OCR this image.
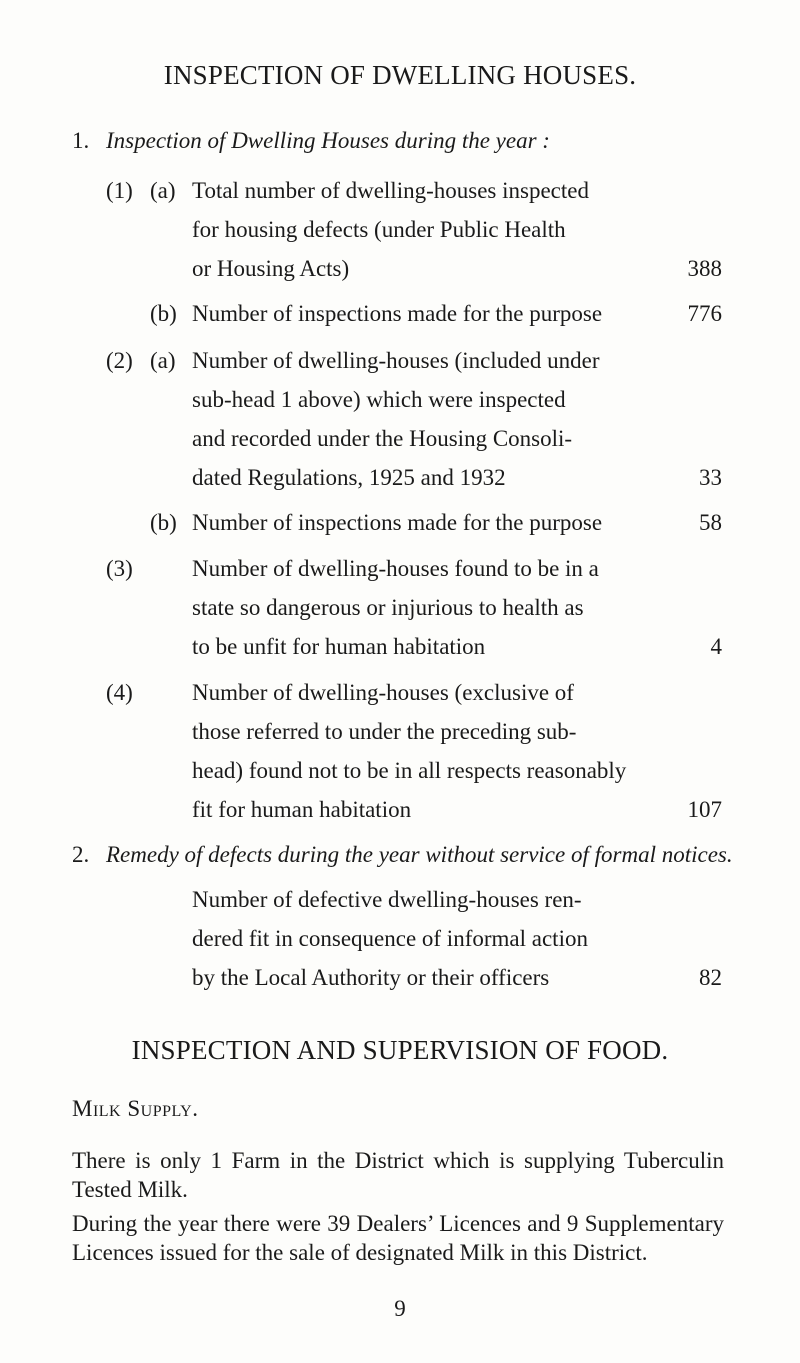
INSPECTION OF DWELLING HOUSES.
1. Inspection of Dwelling Houses during the year :
(1) (a) Total number of dwelling-houses inspected
for housing defects (under Public Health
or Housing Acts)	388
(b) Number of inspections made for the purpose	776
(2) (a) Number of dwelling-houses (included under
sub-head 1 above) which were inspected
and recorded under the Housing Consoli-
dated Regulations, 1925 and 1932	33
(b) Number of inspections made for the purpose	58
(3)	Number of dwelling-houses found to be in a
state so dangerous or injurious to health as
to be unfit for human habitation	4
(4)	Number of dwelling-houses (exclusive of
those referred to under the preceding sub-
head) found not to be in all respects reasonably
fit for human habitation	107
2. Remedy of defects during the year without service of formal notices.
Number of defective dwelling-houses ren-
dered fit in consequence of informal action
by the Local Authority or their officers	82
INSPECTION AND SUPERVISION OF FOOD.
Milk Supply.
There is only 1 Farm in the District which is supplying Tuberculin Tested Milk.
During the year there were 39 Dealers’ Licences and 9 Supplementary Licences issued for the sale of designated Milk in this District.
9
